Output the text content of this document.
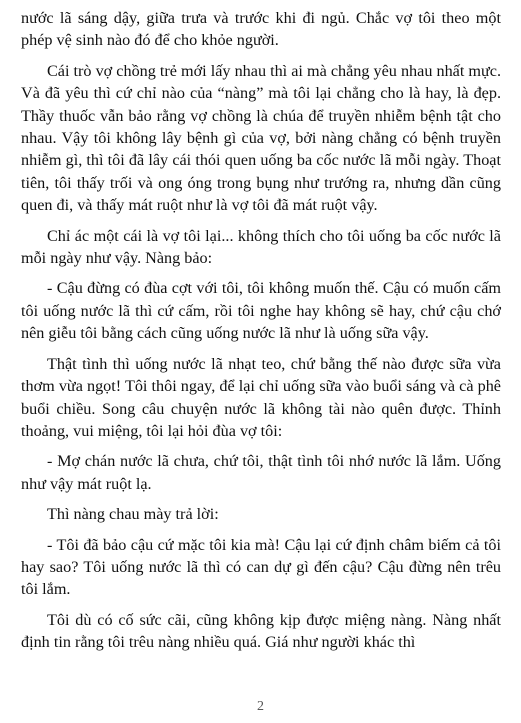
nước lã sáng dậy, giữa trưa và trước khi đi ngủ. Chắc vợ tôi theo một phép vệ sinh nào đó để cho khỏe người.

Cái trò vợ chồng trẻ mới lấy nhau thì ai mà chẳng yêu nhau nhất mực. Và đã yêu thì cứ chỉ nào của “nàng” mà tôi lại chẳng cho là hay, là đẹp. Thầy thuốc vẫn bảo rằng vợ chồng là chúa để truyền nhiễm bệnh tật cho nhau. Vậy tôi không lây bệnh gì của vợ, bởi nàng chẳng có bệnh truyền nhiễm gì, thì tôi đã lây cái thói quen uống ba cốc nước lã mỗi ngày. Thoạt tiên, tôi thấy trối và ong óng trong bụng như trướng ra, nhưng dần cũng quen đi, và thấy mát ruột như là vợ tôi đã mát ruột vậy.

Chỉ ác một cái là vợ tôi lại... không thích cho tôi uống ba cốc nước lã mỗi ngày như vậy. Nàng bảo:

- Cậu đừng có đùa cợt với tôi, tôi không muốn thế. Cậu có muốn cấm tôi uống nước lã thì cứ cấm, rồi tôi nghe hay không sẽ hay, chứ cậu chớ nên giễu tôi bằng cách cũng uống nước lã như là uống sữa vậy.

Thật tình thì uống nước lã nhạt teo, chứ bằng thế nào được sữa vừa thơm vừa ngọt! Tôi thôi ngay, để lại chỉ uống sữa vào buổi sáng và cà phê buổi chiều. Song câu chuyện nước lã không tài nào quên được. Thỉnh thoảng, vui miệng, tôi lại hỏi đùa vợ tôi:

- Mợ chán nước lã chưa, chứ tôi, thật tình tôi nhớ nước lã lắm. Uống như vậy mát ruột lạ.

Thì nàng chau mày trả lời:

- Tôi đã bảo cậu cứ mặc tôi kia mà! Cậu lại cứ định châm biếm cả tôi hay sao? Tôi uống nước lã thì có can dự gì đến cậu? Cậu đừng nên trêu tôi lắm.

Tôi dù có cố sức cãi, cũng không kịp được miệng nàng. Nàng nhất định tin rằng tôi trêu nàng nhiều quá. Giá như người khác thì

2
